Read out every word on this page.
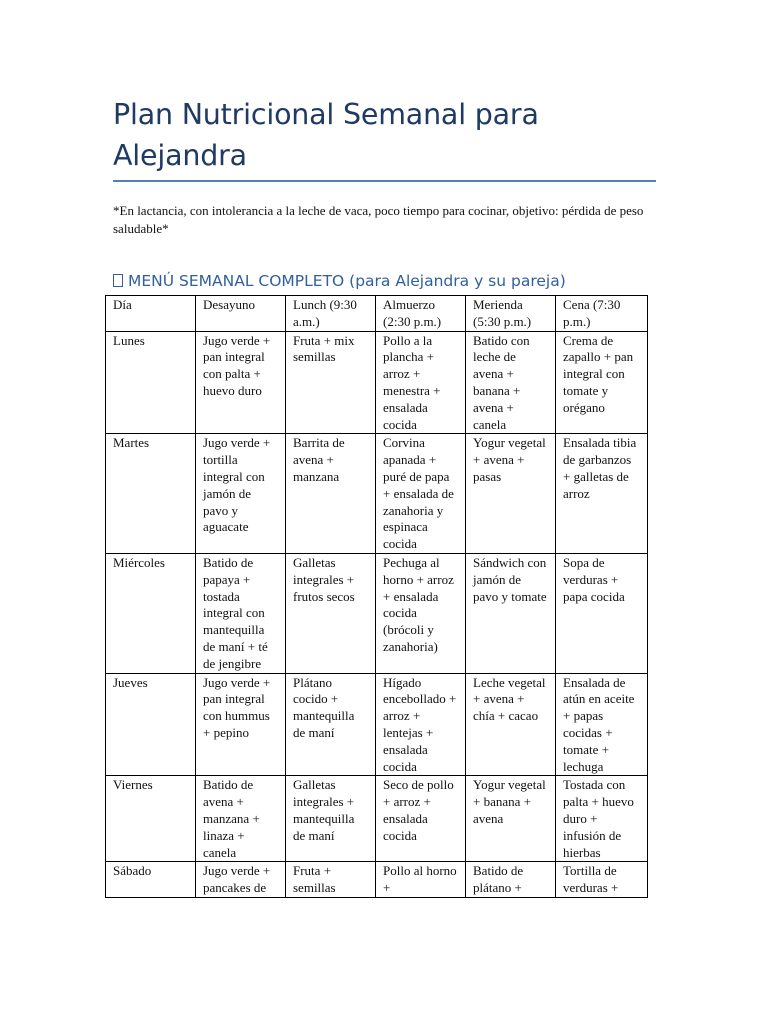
Plan Nutricional Semanal para Alejandra

*En lactancia, con intolerancia a la leche de vaca, poco tiempo para cocinar, objetivo: pérdida de peso saludable*

MENÚ SEMANAL COMPLETO (para Alejandra y su pareja)
Día	Desayuno	Lunch (9:30 a.m.)	Almuerzo (2:30 p.m.)	Merienda (5:30 p.m.)	Cena (7:30 p.m.)
Lunes	Jugo verde + pan integral con palta + huevo duro	Fruta + mix semillas	Pollo a la plancha + arroz + menestra + ensalada cocida	Batido con leche de avena + banana + avena + canela	Crema de zapallo + pan integral con tomate y orégano
Martes	Jugo verde + tortilla integral con jamón de pavo y aguacate	Barrita de avena + manzana	Corvina apanada + puré de papa + ensalada de zanahoria y espinaca cocida	Yogur vegetal + avena + pasas	Ensalada tibia de garbanzos + galletas de arroz
Miércoles	Batido de papaya + tostada integral con mantequilla de maní + té de jengibre	Galletas integrales + frutos secos	Pechuga al horno + arroz + ensalada cocida (brócoli y zanahoria)	Sándwich con jamón de pavo y tomate	Sopa de verduras + papa cocida
Jueves	Jugo verde + pan integral con hummus + pepino	Plátano cocido + mantequilla de maní	Hígado encebollado + arroz + lentejas + ensalada cocida	Leche vegetal + avena + chía + cacao	Ensalada de atún en aceite + papas cocidas + tomate + lechuga
Viernes	Batido de avena + manzana + linaza + canela	Galletas integrales + mantequilla de maní	Seco de pollo + arroz + ensalada cocida	Yogur vegetal + banana + avena	Tostada con palta + huevo duro + infusión de hierbas
Sábado	Jugo verde + pancakes de	Fruta + semillas	Pollo al horno +	Batido de plátano +	Tortilla de verduras +
